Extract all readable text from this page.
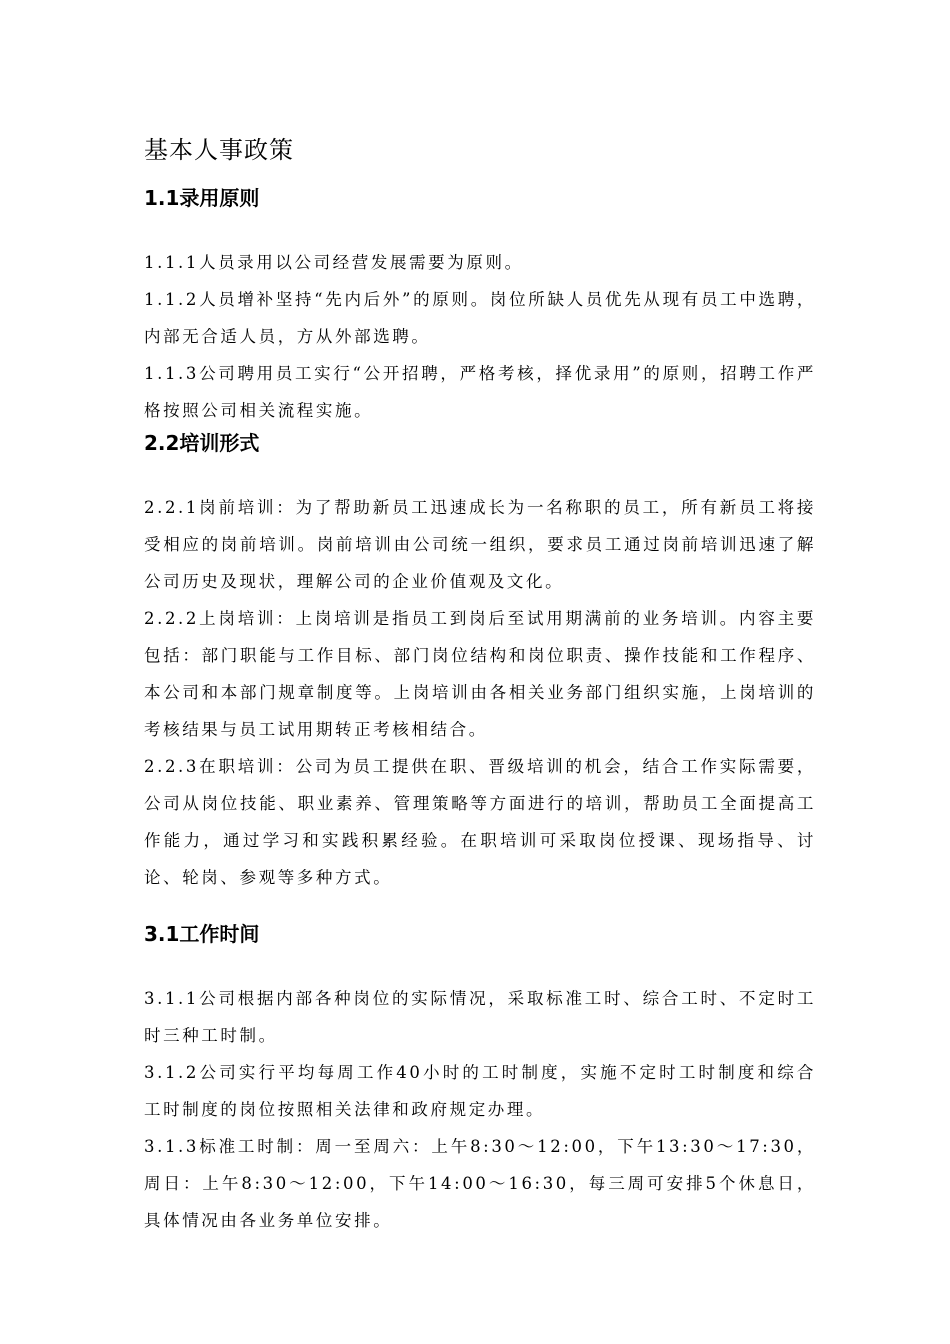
基本人事政策
1.1录用原则

1.1.1人员录用以公司经营发展需要为原则。

1.1.2人员增补坚持“先内后外”的原则。岗位所缺人员优先从现有员工中选聘，内部无合适人员，方从外部选聘。

1.1.3公司聘用员工实行“公开招聘，严格考核，择优录用”的原则，招聘工作严格按照公司相关流程实施。

2.2培训形式

2.2.1岗前培训：为了帮助新员工迅速成长为一名称职的员工，所有新员工将接受相应的岗前培训。岗前培训由公司统一组织，要求员工通过岗前培训迅速了解公司历史及现状，理解公司的企业价值观及文化。

2.2.2上岗培训：上岗培训是指员工到岗后至试用期满前的业务培训。内容主要包括：部门职能与工作目标、部门岗位结构和岗位职责、操作技能和工作程序、本公司和本部门规章制度等。上岗培训由各相关业务部门组织实施，上岗培训的考核结果与员工试用期转正考核相结合。

2.2.3在职培训：公司为员工提供在职、晋级培训的机会，结合工作实际需要，公司从岗位技能、职业素养、管理策略等方面进行的培训，帮助员工全面提高工作能力，通过学习和实践积累经验。在职培训可采取岗位授课、现场指导、讨论、轮岗、参观等多种方式。

3.1工作时间

3.1.1公司根据内部各种岗位的实际情况，采取标准工时、综合工时、不定时工时三种工时制。

3.1.2公司实行平均每周工作40小时的工时制度，实施不定时工时制度和综合工时制度的岗位按照相关法律和政府规定办理。

3.1.3标准工时制：周一至周六：上午8:30～12:00，下午13:30～17:30，周日：上午8:30～12:00，下午14:00～16:30，每三周可安排5个休息日，具体情况由各业务单位安排。
